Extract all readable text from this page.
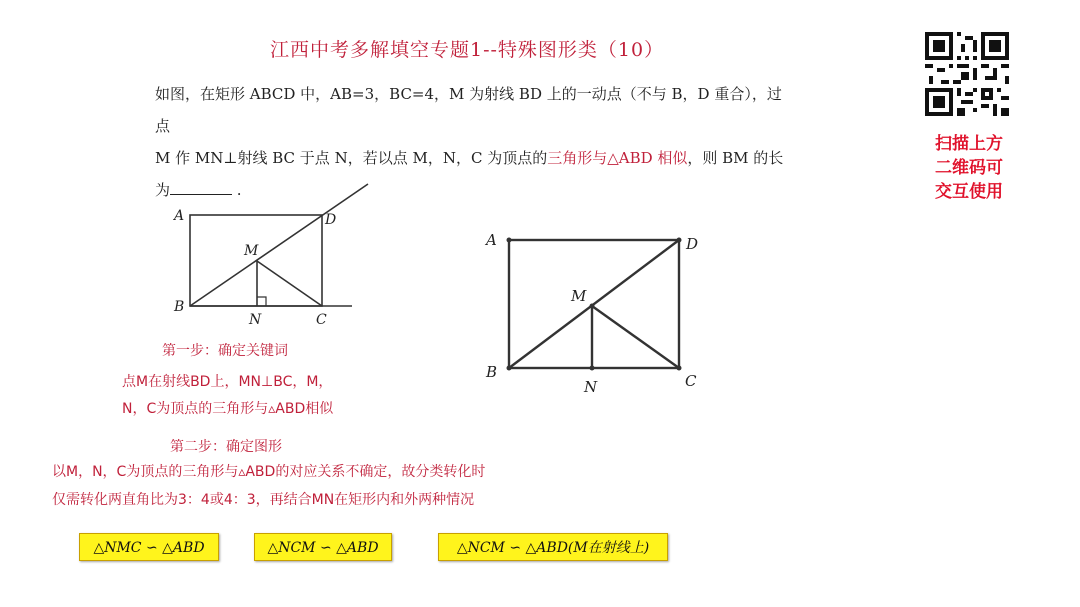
江西中考多解填空专题1--特殊图形类（10）
如图，在矩形 ABCD 中，AB=3，BC=4，M 为射线 BD 上的一动点（不与 B，D 重合），过点
M 作 MN⊥射线 BC 于点 N，若以点 M，N，C 为顶点的三角形与△ABD 相似，则 BM 的长
为	.
扫描上方
二维码可
交互使用
A	D
M
B
N	C
A	D
M
B
N	C
第一步：确定关键词
点M在射线BD上，MN⊥BC，M，
N，C为顶点的三角形与▵ABD相似
第二步：确定图形
以M，N，C为顶点的三角形与▵ABD的对应关系不确定，故分类转化时
仅需转化两直角比为3：4或4：3，再结合MN在矩形内和外两种情况
△NMC ∽ △ABD	△NCM ∽ △ABD	△NCM ∽ △ABD(M在射线上)
